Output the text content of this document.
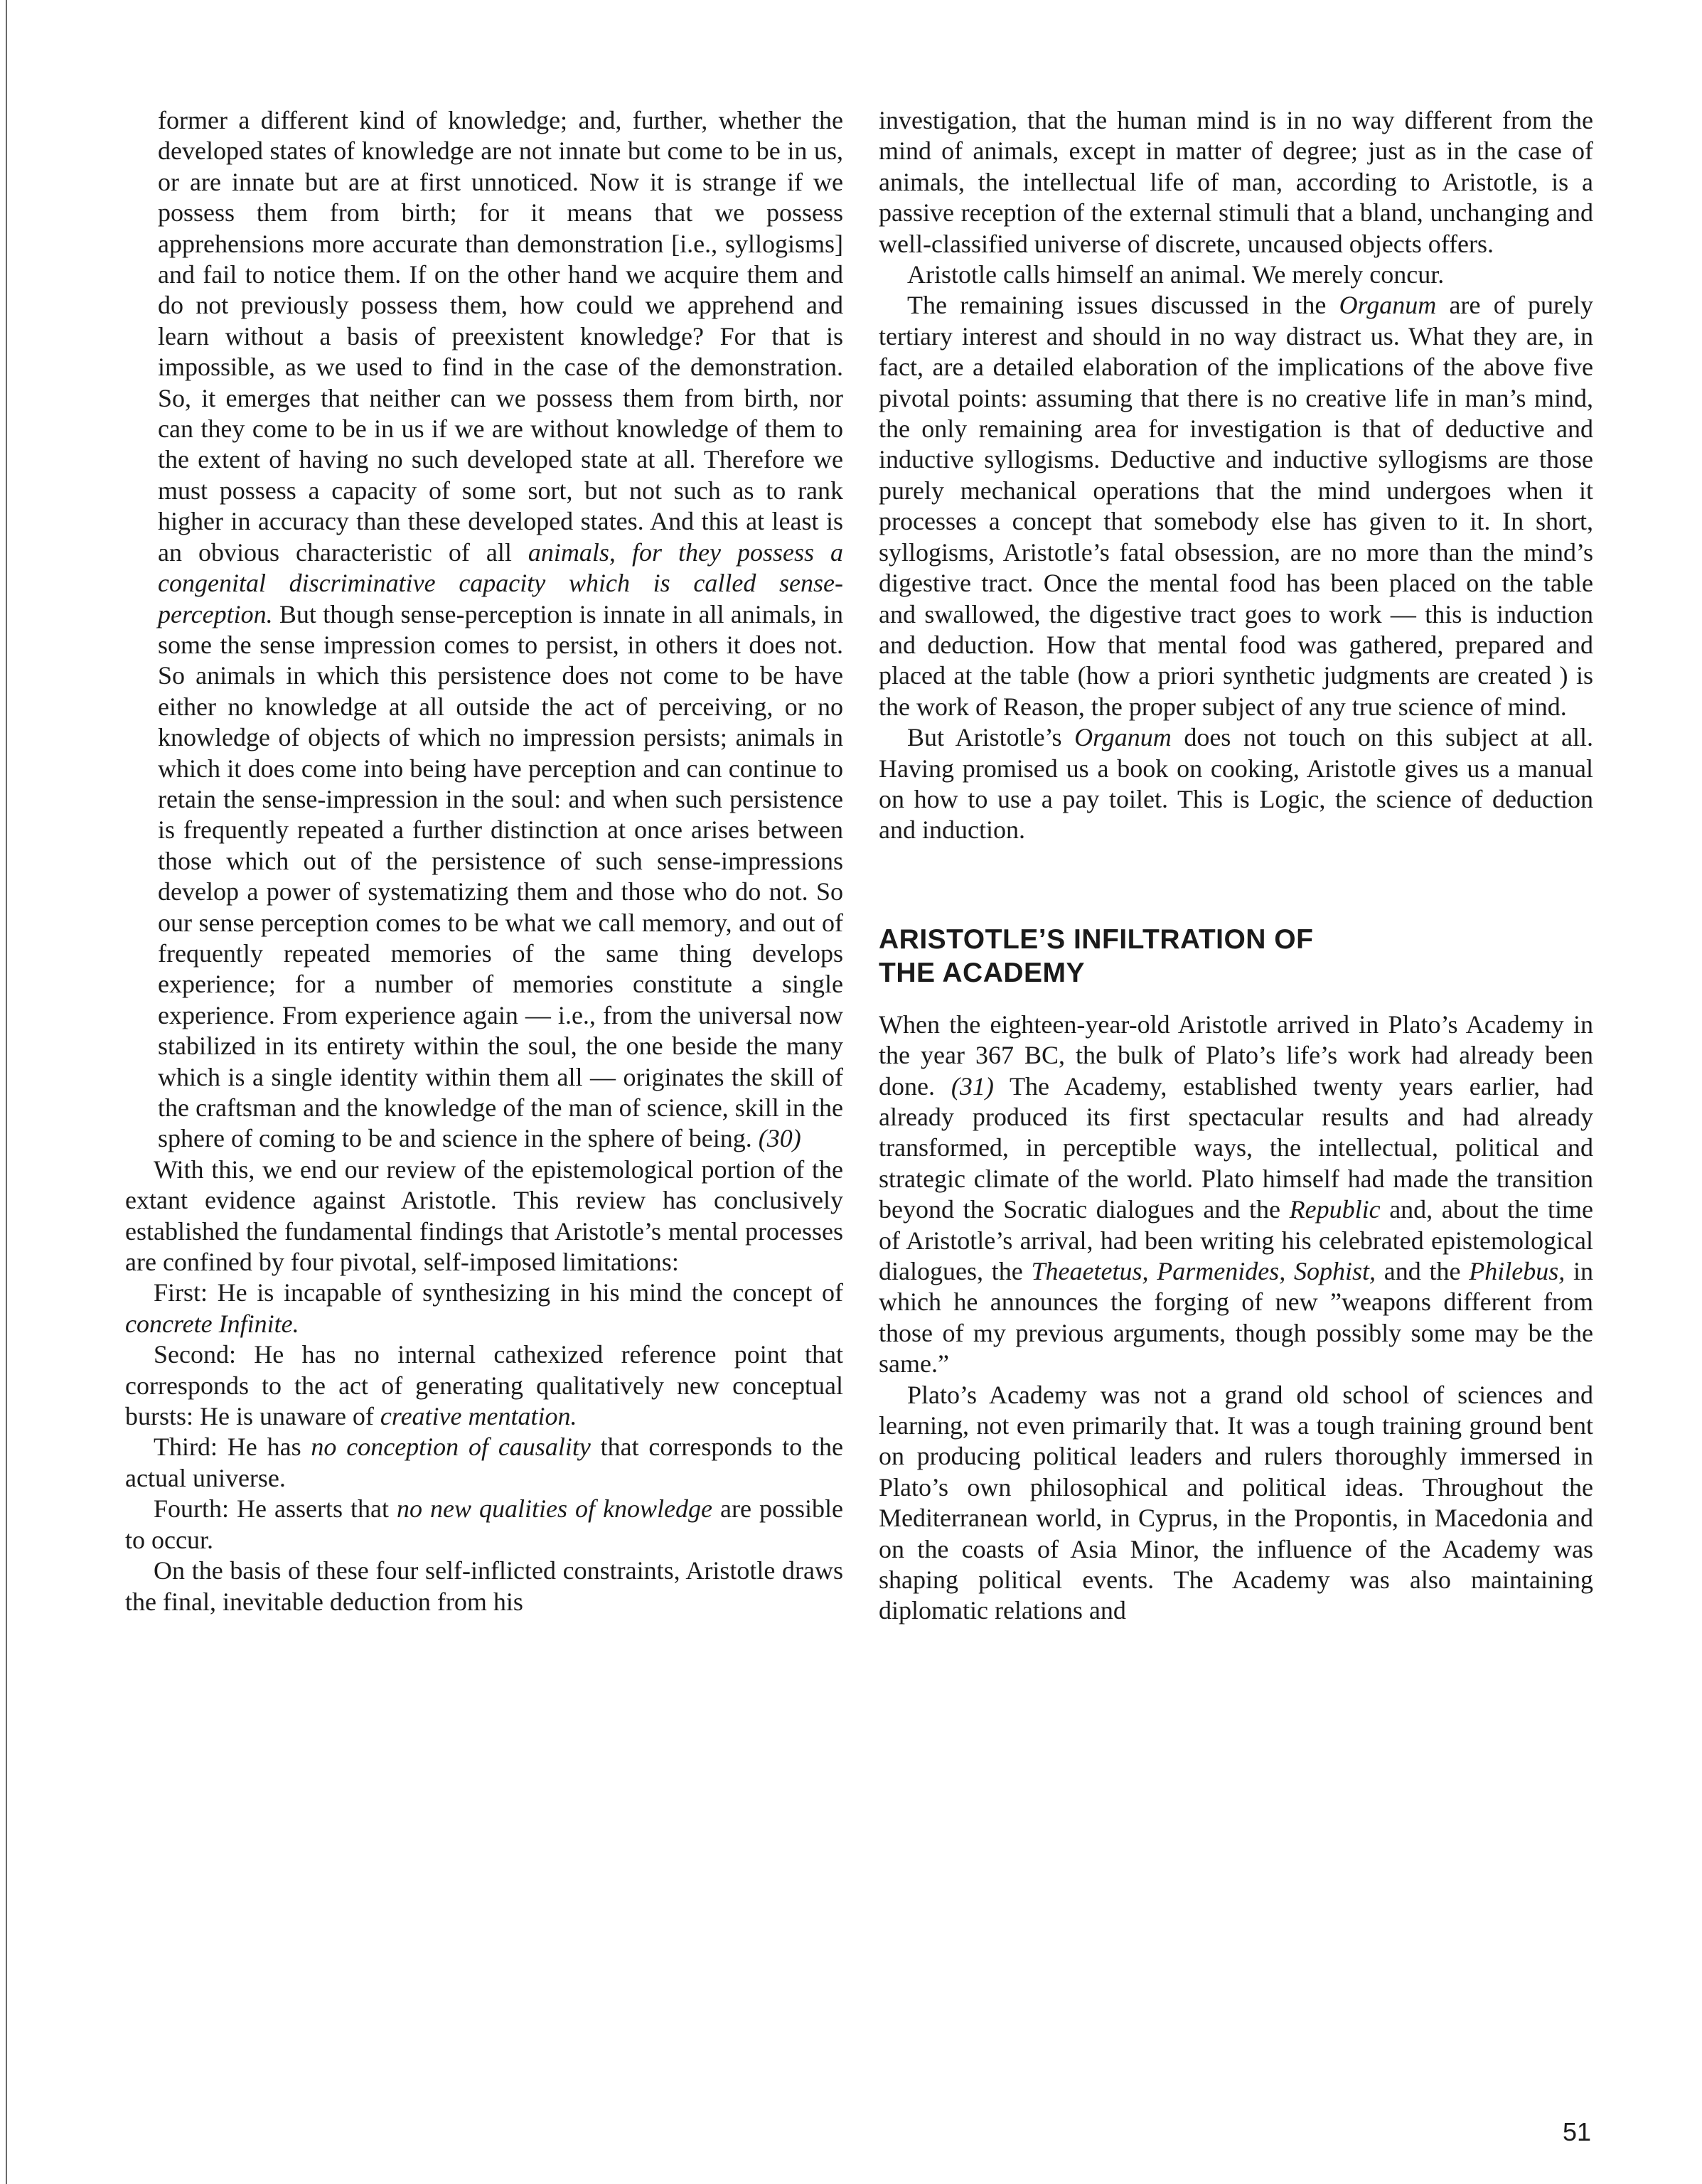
former a different kind of knowledge; and, further, whether the developed states of knowledge are not innate but come to be in us, or are innate but are at first unnoticed. Now it is strange if we possess them from birth; for it means that we possess apprehensions more accurate than demonstration [i.e., syllogisms] and fail to notice them. If on the other hand we acquire them and do not previously possess them, how could we apprehend and learn without a basis of preexistent knowledge? For that is impossible, as we used to find in the case of the demonstration. So, it emerges that neither can we possess them from birth, nor can they come to be in us if we are without knowledge of them to the extent of having no such developed state at all. Therefore we must possess a capacity of some sort, but not such as to rank higher in accuracy than these developed states. And this at least is an obvious characteristic of all animals, for they possess a congenital discriminative capacity which is called sense-perception. But though sense-perception is innate in all animals, in some the sense impression comes to persist, in others it does not. So animals in which this persistence does not come to be have either no knowledge at all outside the act of perceiving, or no knowledge of objects of which no impression persists; animals in which it does come into being have perception and can continue to retain the sense-impression in the soul: and when such persistence is frequently repeated a further distinction at once arises between those which out of the persistence of such sense-impressions develop a power of systematizing them and those who do not. So our sense perception comes to be what we call memory, and out of frequently repeated memories of the same thing develops experience; for a number of memories constitute a single experience. From experience again — i.e., from the universal now stabilized in its entirety within the soul, the one beside the many which is a single identity within them all — originates the skill of the craftsman and the knowledge of the man of science, skill in the sphere of coming to be and science in the sphere of being. (30)

With this, we end our review of the epistemological portion of the extant evidence against Aristotle. This review has conclusively established the fundamental findings that Aristotle’s mental processes are confined by four pivotal, self-imposed limitations:

First: He is incapable of synthesizing in his mind the concept of concrete Infinite.

Second: He has no internal cathexized reference point that corresponds to the act of generating qualitatively new conceptual bursts: He is unaware of creative mentation.

Third: He has no conception of causality that corresponds to the actual universe.

Fourth: He asserts that no new qualities of knowledge are possible to occur.

On the basis of these four self-inflicted constraints, Aristotle draws the final, inevitable deduction from his

investigation, that the human mind is in no way different from the mind of animals, except in matter of degree; just as in the case of animals, the intellectual life of man, according to Aristotle, is a passive reception of the external stimuli that a bland, unchanging and well-classified universe of discrete, uncaused objects offers.

Aristotle calls himself an animal. We merely concur.

The remaining issues discussed in the Organum are of purely tertiary interest and should in no way distract us. What they are, in fact, are a detailed elaboration of the implications of the above five pivotal points: assuming that there is no creative life in man’s mind, the only remaining area for investigation is that of deductive and inductive syllogisms. Deductive and inductive syllogisms are those purely mechanical operations that the mind undergoes when it processes a concept that somebody else has given to it. In short, syllogisms, Aristotle’s fatal obsession, are no more than the mind’s digestive tract. Once the mental food has been placed on the table and swallowed, the digestive tract goes to work — this is induction and deduction. How that mental food was gathered, prepared and placed at the table (how a priori synthetic judgments are created ) is the work of Reason, the proper subject of any true science of mind.

But Aristotle’s Organum does not touch on this subject at all. Having promised us a book on cooking, Aristotle gives us a manual on how to use a pay toilet. This is Logic, the science of deduction and induction.

ARISTOTLE’S INFILTRATION OF
THE ACADEMY

When the eighteen-year-old Aristotle arrived in Plato’s Academy in the year 367 BC, the bulk of Plato’s life’s work had already been done. (31) The Academy, established twenty years earlier, had already produced its first spectacular results and had already transformed, in perceptible ways, the intellectual, political and strategic climate of the world. Plato himself had made the transition beyond the Socratic dialogues and the Republic and, about the time of Aristotle’s arrival, had been writing his celebrated epistemological dialogues, the Theaetetus, Parmenides, Sophist, and the Philebus, in which he announces the forging of new ”weapons different from those of my previous arguments, though possibly some may be the same.”

Plato’s Academy was not a grand old school of sciences and learning, not even primarily that. It was a tough training ground bent on producing political leaders and rulers thoroughly immersed in Plato’s own philosophical and political ideas. Throughout the Mediterranean world, in Cyprus, in the Propontis, in Macedonia and on the coasts of Asia Minor, the influence of the Academy was shaping political events. The Academy was also maintaining diplomatic relations and

51
